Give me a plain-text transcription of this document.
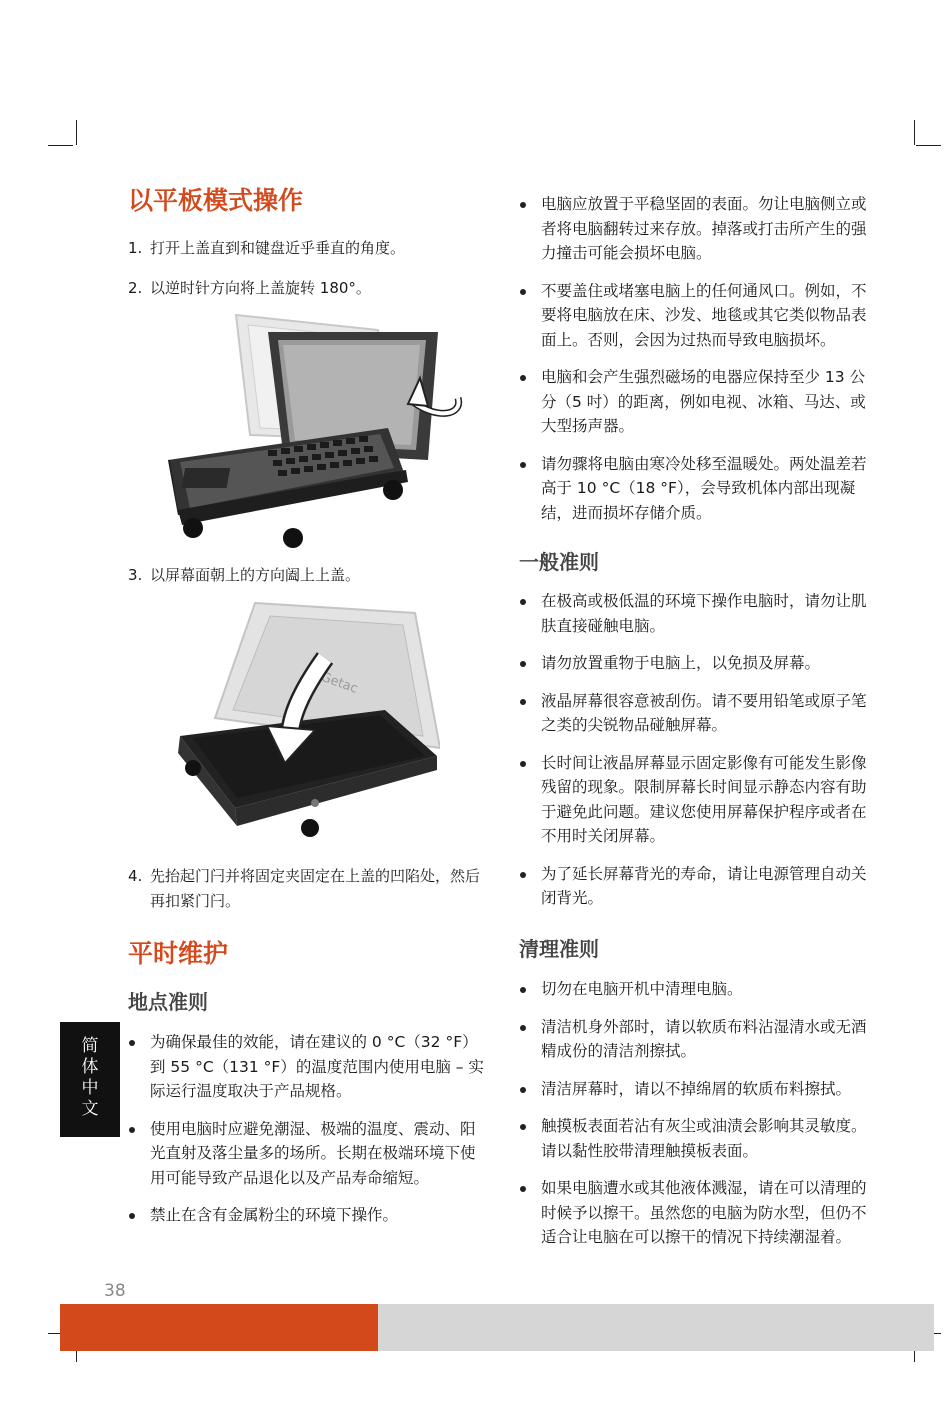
以平板模式操作
1. 打开上盖直到和键盘近乎垂直的角度。
2. 以逆时针方向将上盖旋转 180°。
3. 以屏幕面朝上的方向阖上上盖。
4. 先抬起门闩并将固定夹固定在上盖的凹陷处，然后再扣紧门闩。
Getac
平时维护
地点准则
为确保最佳的效能，请在建议的 0 °C（32 °F）到 55 °C（131 °F）的温度范围内使用电脑 – 实际运行温度取决于产品规格。
使用电脑时应避免潮湿、极端的温度、震动、阳光直射及落尘量多的场所。长期在极端环境下使用可能导致产品退化以及产品寿命缩短。
禁止在含有金属粉尘的环境下操作。
电脑应放置于平稳坚固的表面。勿让电脑侧立或者将电脑翻转过来存放。掉落或打击所产生的强力撞击可能会损坏电脑。
不要盖住或堵塞电脑上的任何通风口。例如，不要将电脑放在床、沙发、地毯或其它类似物品表面上。否则，会因为过热而导致电脑损坏。
电脑和会产生强烈磁场的电器应保持至少 13 公分（5 吋）的距离，例如电视、冰箱、马达、或大型扬声器。
请勿骤将电脑由寒冷处移至温暖处。两处温差若高于 10 °C（18 °F），会导致机体内部出现凝结，进而损坏存储介质。
一般准则
在极高或极低温的环境下操作电脑时，请勿让肌肤直接碰触电脑。
请勿放置重物于电脑上，以免损及屏幕。
液晶屏幕很容意被刮伤。请不要用铅笔或原子笔之类的尖锐物品碰触屏幕。
长时间让液晶屏幕显示固定影像有可能发生影像残留的现象。限制屏幕长时间显示静态内容有助于避免此问题。建议您使用屏幕保护程序或者在不用时关闭屏幕。
为了延长屏幕背光的寿命，请让电源管理自动关闭背光。
清理准则
切勿在电脑开机中清理电脑。
清洁机身外部时，请以软质布料沾湿清水或无酒精成份的清洁剂擦拭。
清洁屏幕时，请以不掉绵屑的软质布料擦拭。
触摸板表面若沾有灰尘或油渍会影响其灵敏度。请以黏性胶带清理触摸板表面。
如果电脑遭水或其他液体溅湿，请在可以清理的时候予以擦干。虽然您的电脑为防水型，但仍不适合让电脑在可以擦干的情况下持续潮湿着。
简体中文
38
